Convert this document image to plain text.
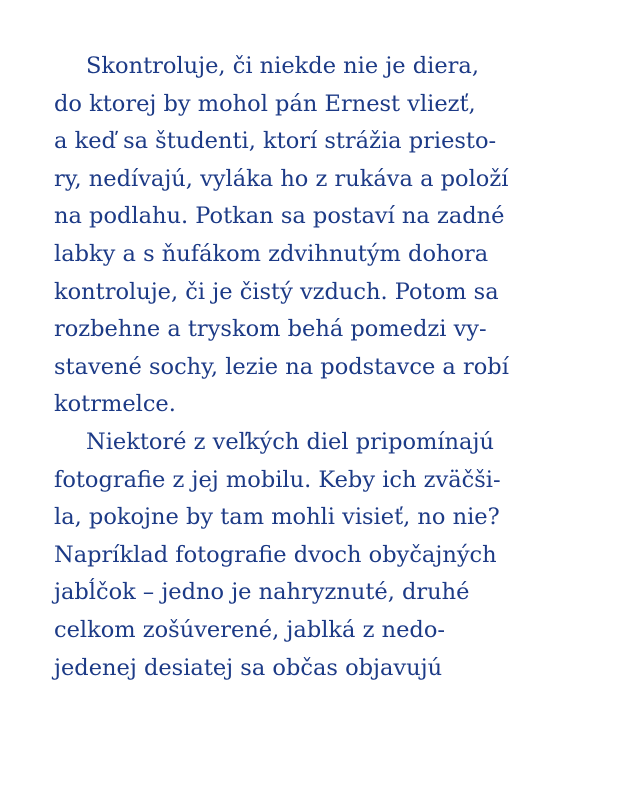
Skontroluje, či niekde nie je diera,
do ktorej by mohol pán Ernest vliezť,
a keď sa študenti, ktorí strážia priesto-
ry, nedívajú, vyláka ho z rukáva a položí
na podlahu. Potkan sa postaví na zadné
labky a s ňufákom zdvihnutým dohora
kontroluje, či je čistý vzduch. Potom sa
rozbehne a tryskom behá pomedzi vy-
stavené sochy, lezie na podstavce a robí
kotrmelce.
Niektoré z veľkých diel pripomínajú
fotografie z jej mobilu. Keby ich zväčši-
la, pokojne by tam mohli visieť, no nie?
Napríklad fotografie dvoch obyčajných
jabĺčok – jedno je nahryznuté, druhé
celkom zošúverené, jablká z nedo-
jedenej desiatej sa občas objavujú
